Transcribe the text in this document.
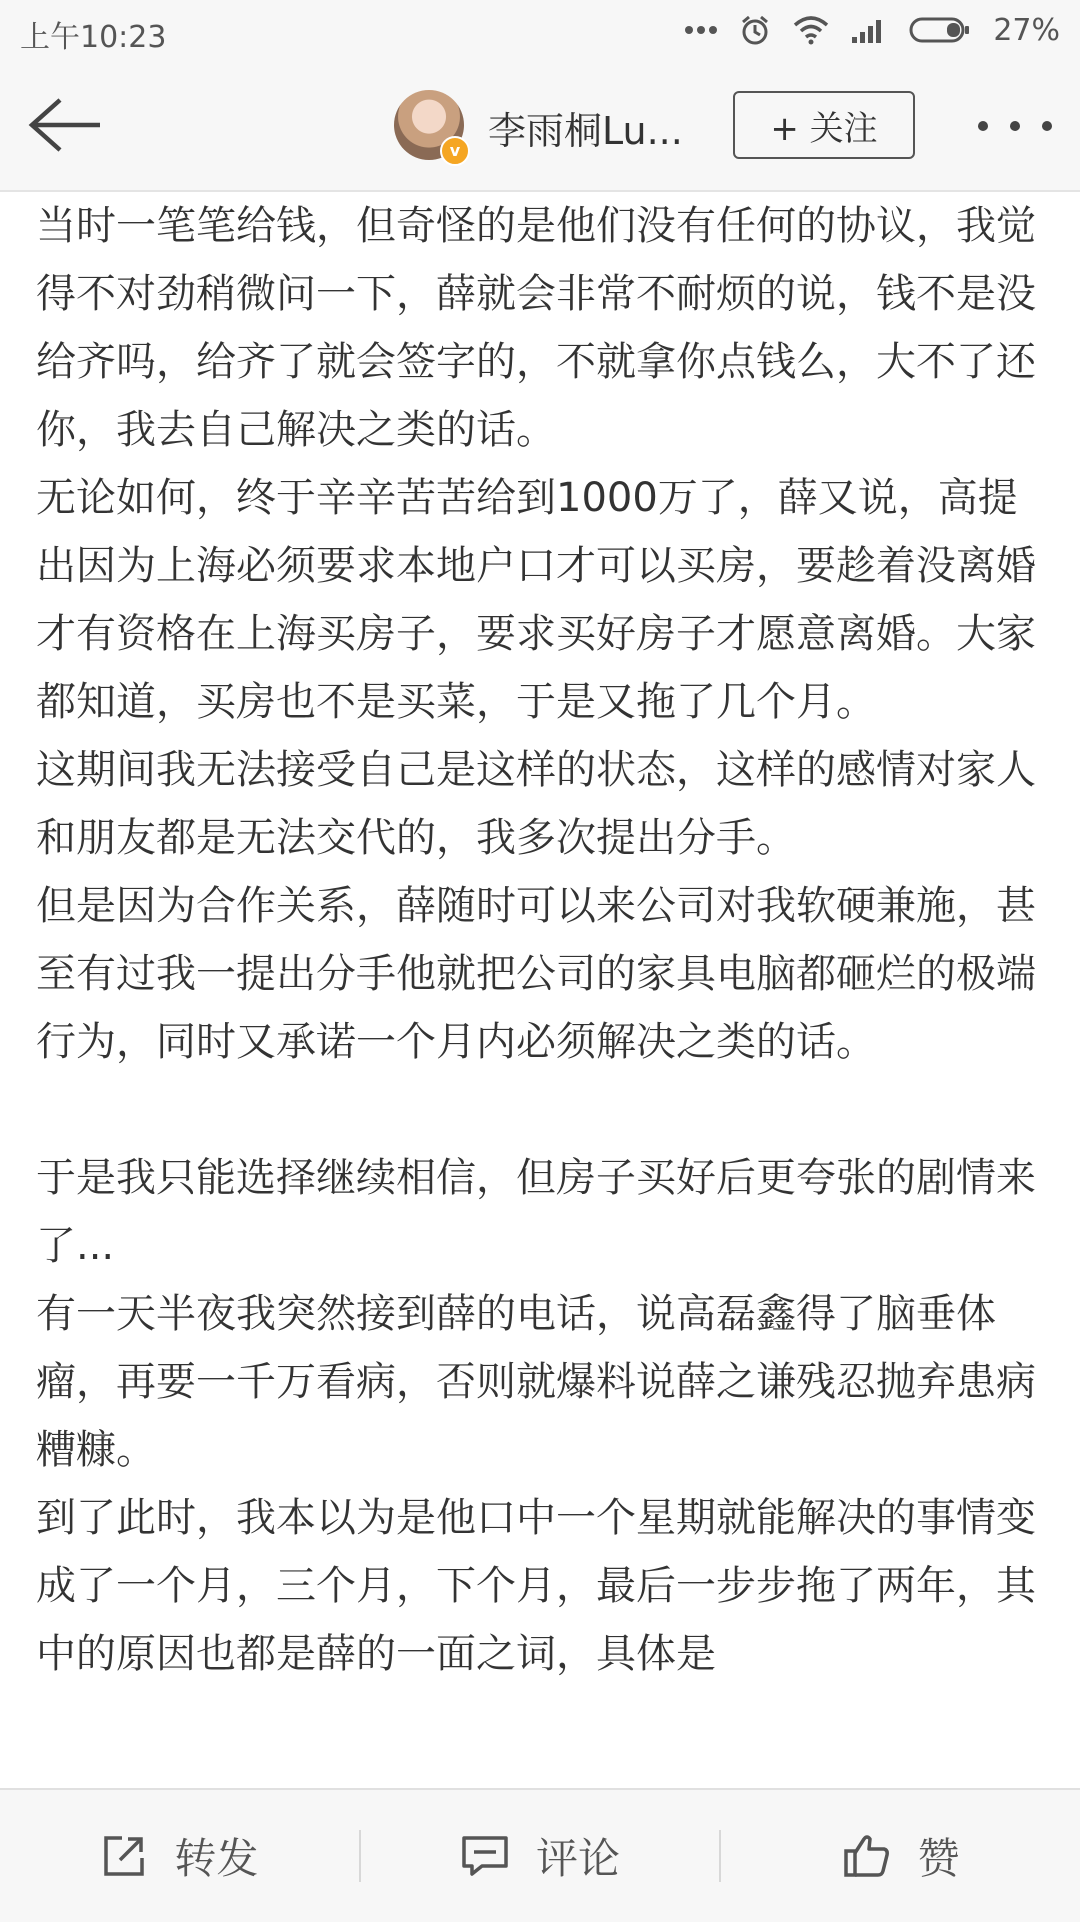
上午10:23	27%
v 李雨桐Lu...	+ 关注

当时一笔笔给钱，但奇怪的是他们没有任何的协议，我觉得不对劲稍微问一下，薛就会非常不耐烦的说，钱不是没给齐吗，给齐了就会签字的，不就拿你点钱么，大不了还你，我去自己解决之类的话。

无论如何，终于辛辛苦苦给到1000万了，薛又说，高提出因为上海必须要求本地户口才可以买房，要趁着没离婚才有资格在上海买房子，要求买好房子才愿意离婚。大家都知道，买房也不是买菜，于是又拖了几个月。

这期间我无法接受自己是这样的状态，这样的感情对家人和朋友都是无法交代的，我多次提出分手。

但是因为合作关系，薛随时可以来公司对我软硬兼施，甚至有过我一提出分手他就把公司的家具电脑都砸烂的极端行为，同时又承诺一个月内必须解决之类的话。

于是我只能选择继续相信，但房子买好后更夸张的剧情来了...

有一天半夜我突然接到薛的电话，说高磊鑫得了脑垂体瘤，再要一千万看病，否则就爆料说薛之谦残忍抛弃患病糟糠。

到了此时，我本以为是他口中一个星期就能解决的事情变成了一个月，三个月，下个月，最后一步步拖了两年，其中的原因也都是薛的一面之词，具体是

转发	评论	赞
